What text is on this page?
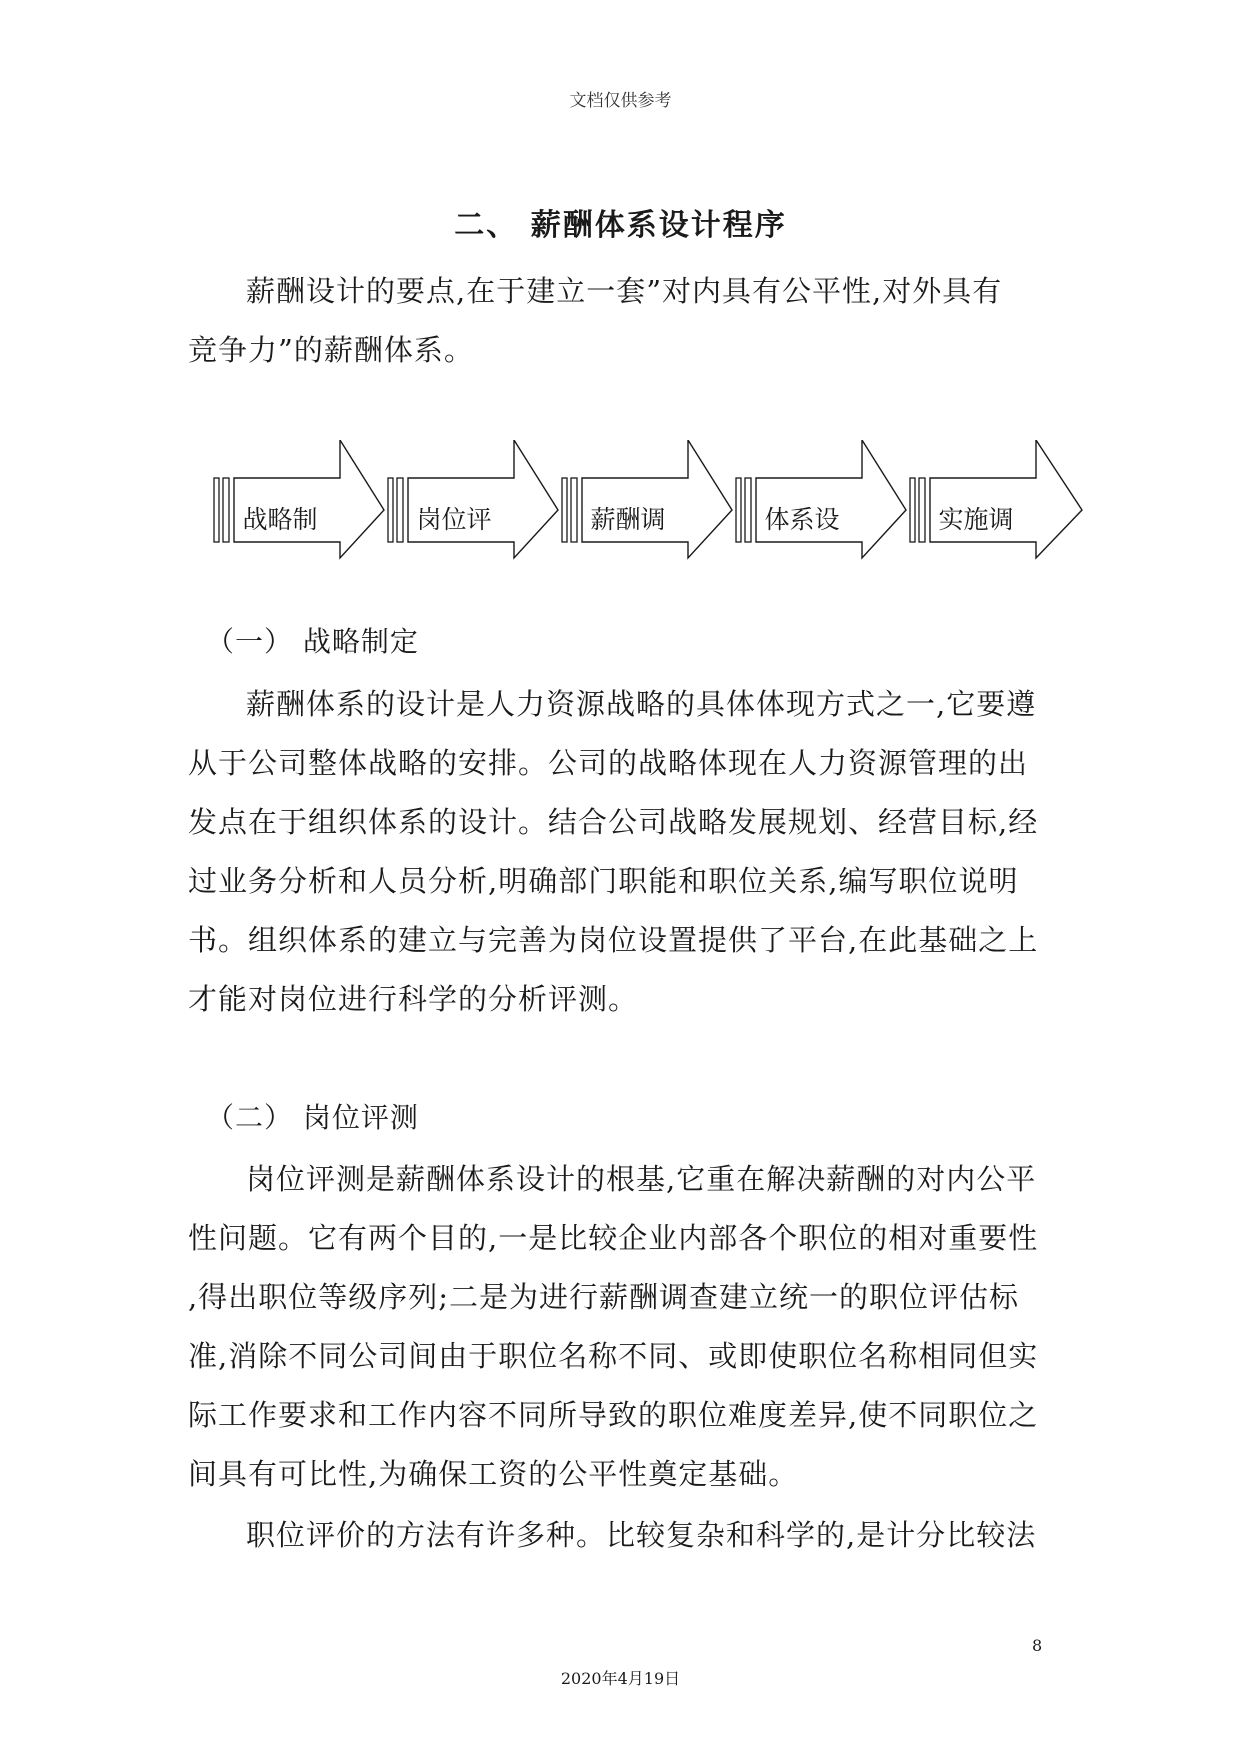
文档仅供参考
二、 薪酬体系设计程序
薪酬设计的要点,在于建立一套”对内具有公平性,对外具有
竞争力”的薪酬体系。
战略制	岗位评	薪酬调	体系设	实施调
（一） 战略制定
薪酬体系的设计是人力资源战略的具体体现方式之一,它要遵
从于公司整体战略的安排。公司的战略体现在人力资源管理的出
发点在于组织体系的设计。结合公司战略发展规划、经营目标,经
过业务分析和人员分析,明确部门职能和职位关系,编写职位说明
书。组织体系的建立与完善为岗位设置提供了平台,在此基础之上
才能对岗位进行科学的分析评测。
（二） 岗位评测
岗位评测是薪酬体系设计的根基,它重在解决薪酬的对内公平
性问题。它有两个目的,一是比较企业内部各个职位的相对重要性
,得出职位等级序列;二是为进行薪酬调查建立统一的职位评估标
准,消除不同公司间由于职位名称不同、或即使职位名称相同但实
际工作要求和工作内容不同所导致的职位难度差异,使不同职位之
间具有可比性,为确保工资的公平性奠定基础。
职位评价的方法有许多种。比较复杂和科学的,是计分比较法
8
2020年4月19日
